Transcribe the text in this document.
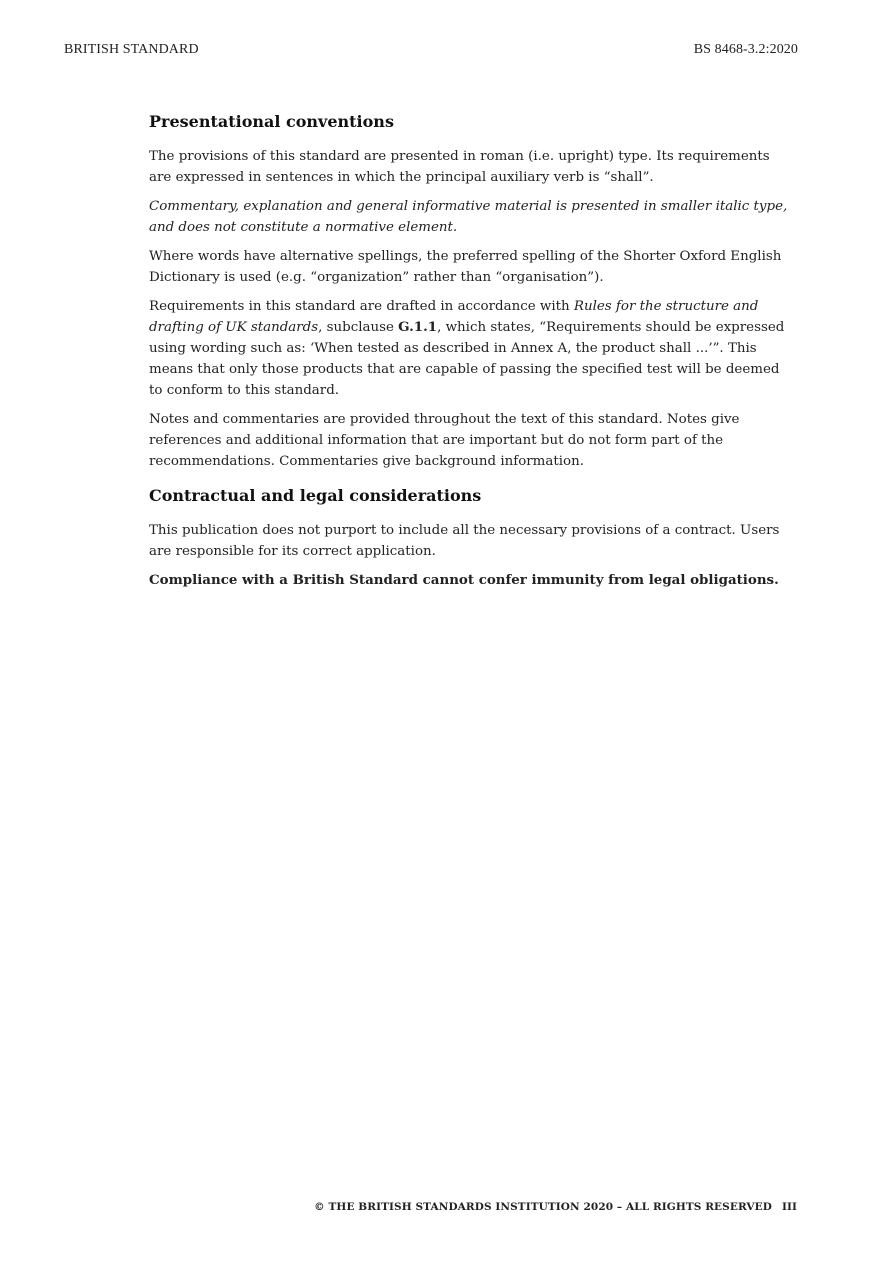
BRITISH STANDARD	BS 8468-3.2:2020
Presentational conventions

The provisions of this standard are presented in roman (i.e. upright) type. Its requirements are expressed in sentences in which the principal auxiliary verb is “shall”.

Commentary, explanation and general informative material is presented in smaller italic type, and does not constitute a normative element.

Where words have alternative spellings, the preferred spelling of the Shorter Oxford English Dictionary is used (e.g. “organization” rather than “organisation”).

Requirements in this standard are drafted in accordance with Rules for the structure and drafting of UK standards, subclause G.1.1, which states, “Requirements should be expressed using wording such as: ‘When tested as described in Annex A, the product shall ...’”. This means that only those products that are capable of passing the specified test will be deemed to conform to this standard.

Notes and commentaries are provided throughout the text of this standard. Notes give references and additional information that are important but do not form part of the recommendations. Commentaries give background information.

Contractual and legal considerations

This publication does not purport to include all the necessary provisions of a contract. Users are responsible for its correct application.

Compliance with a British Standard cannot confer immunity from legal obligations.

© THE BRITISH STANDARDS INSTITUTION 2020 – ALL RIGHTS RESERVED III
